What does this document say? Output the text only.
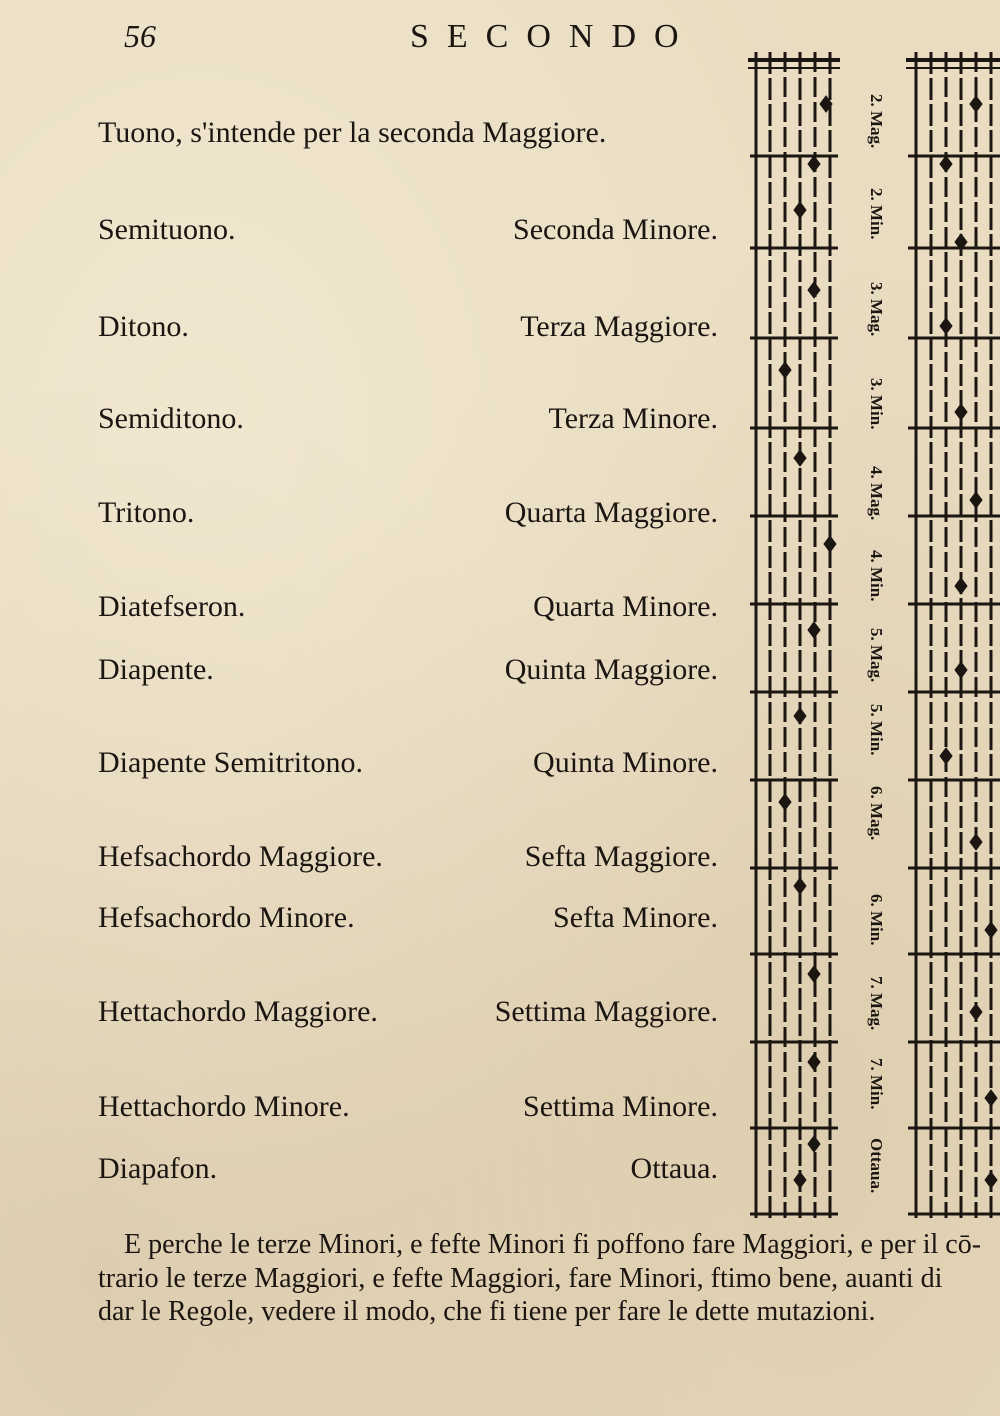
56	SECONDO
Tuono, s'intende per la seconda Maggiore.
Semituono.	Seconda Minore.
Ditono.	Terza Maggiore.
Semiditono.	Terza Minore.
Tritono.	Quarta Maggiore.
Diatefseron.	Quarta Minore.
Diapente.	Quinta Maggiore.
Diapente Semitritono.	Quinta Minore.
Hefsachordo Maggiore.	Sefta Maggiore.
Hefsachordo Minore.	Sefta Minore.
Hettachordo Maggiore.	Settima Maggiore.
Hettachordo Minore.	Settima Minore.
Diapafon.	Ottaua.
2. Mag.
2. Min.
3. Mag.
3. Min.
4. Mag.
4. Min.
5. Mag.
5. Min.
6. Mag.
6. Min.
7. Mag.
7. Min.
Ottaua.
E perche le terze Minori, e fefte Minori fi poffono fare Maggiori, e per il cō-
trario le terze Maggiori, e fefte Maggiori, fare Minori, ftimo bene, auanti di
dar le Regole, vedere il modo, che fi tiene per fare le dette mutazioni.
